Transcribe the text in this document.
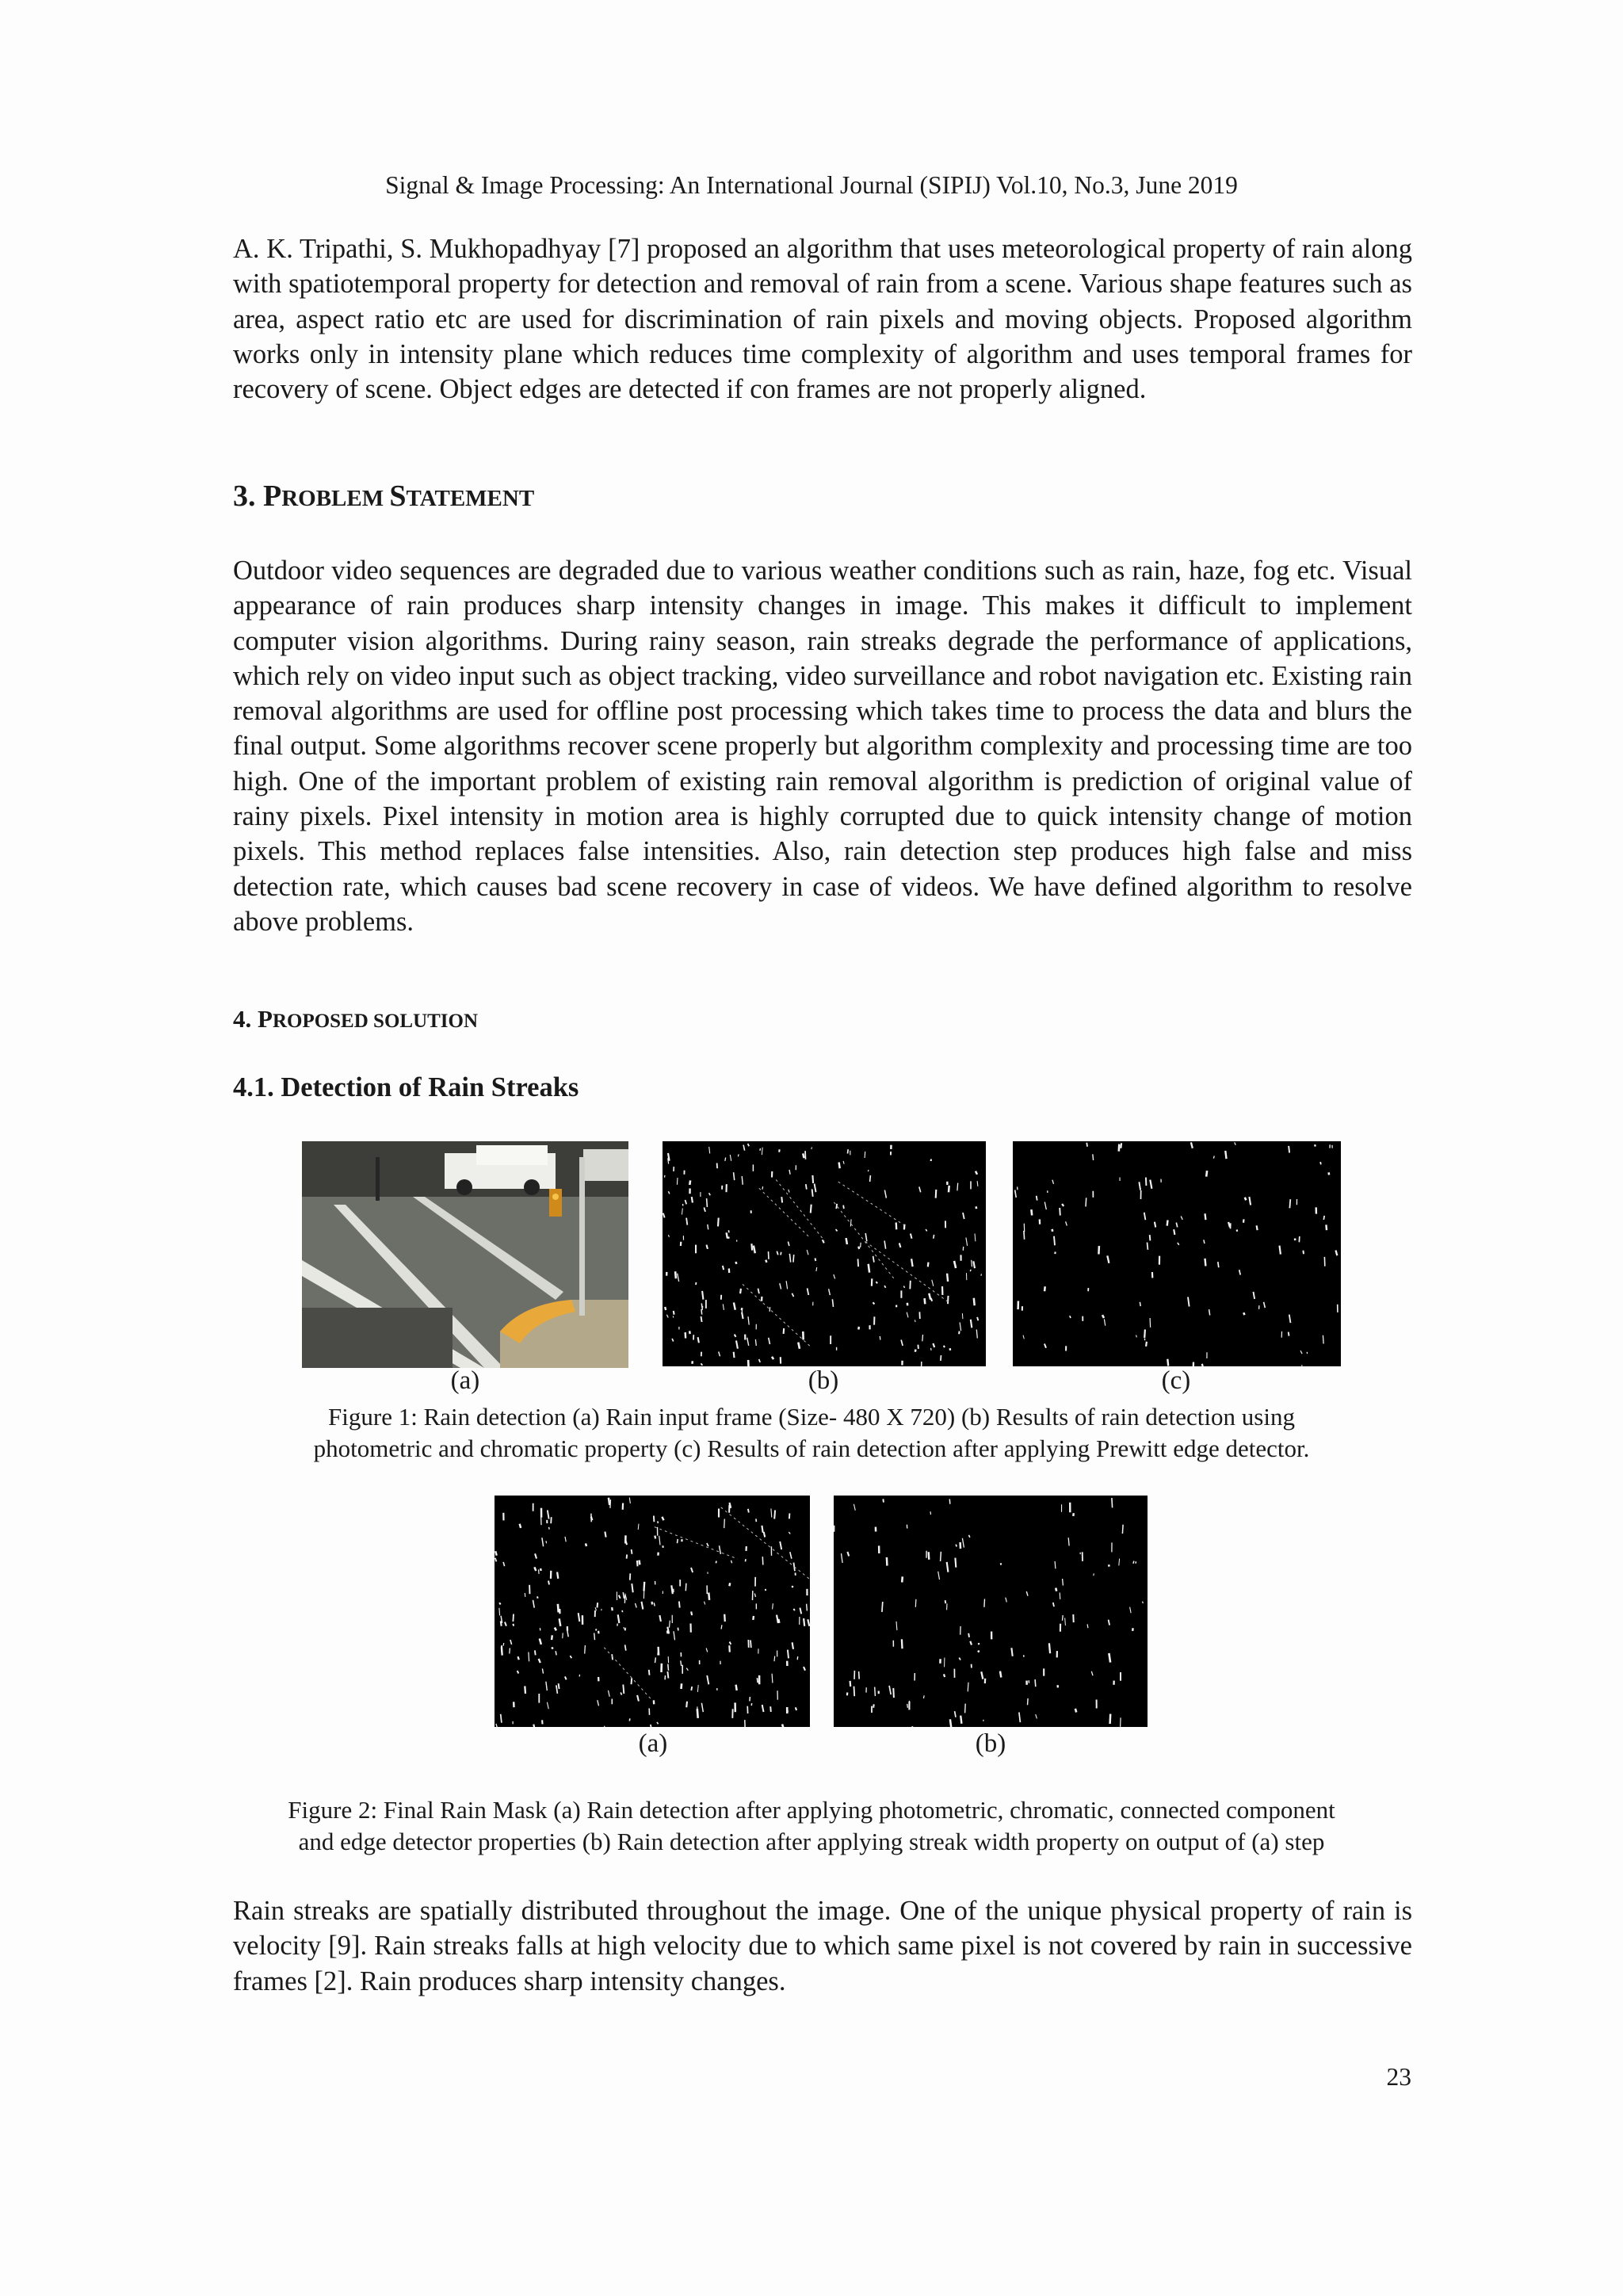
Signal & Image Processing: An International Journal (SIPIJ) Vol.10, No.3, June 2019

A. K. Tripathi, S. Mukhopadhyay [7] proposed an algorithm that uses meteorological property of rain along with spatiotemporal property for detection and removal of rain from a scene. Various shape features such as area, aspect ratio etc are used for discrimination of rain pixels and moving objects. Proposed algorithm works only in intensity plane which reduces time complexity of algorithm and uses temporal frames for recovery of scene. Object edges are detected if con frames are not properly aligned.

3. PROBLEM STATEMENT

Outdoor video sequences are degraded due to various weather conditions such as rain, haze, fog etc. Visual appearance of rain produces sharp intensity changes in image. This makes it difficult to implement computer vision algorithms. During rainy season, rain streaks degrade the performance of applications, which rely on video input such as object tracking, video surveillance and robot navigation etc. Existing rain removal algorithms are used for offline post processing which takes time to process the data and blurs the final output. Some algorithms recover scene properly but algorithm complexity and processing time are too high. One of the important problem of existing rain removal algorithm is prediction of original value of rainy pixels. Pixel intensity in motion area is highly corrupted due to quick intensity change of motion pixels. This method replaces false intensities. Also, rain detection step produces high false and miss detection rate, which causes bad scene recovery in case of videos. We have defined algorithm to resolve above problems.

4. PROPOSED SOLUTION
4.1. Detection of Rain Streaks
(a)	(b)	(c)
Figure 1: Rain detection (a) Rain input frame (Size- 480 X 720) (b) Results of rain detection using
photometric and chromatic property (c) Results of rain detection after applying Prewitt edge detector.
(a)	(b)
Figure 2: Final Rain Mask (a) Rain detection after applying photometric, chromatic, connected component
and edge detector properties (b) Rain detection after applying streak width property on output of (a) step

Rain streaks are spatially distributed throughout the image. One of the unique physical property of rain is velocity [9]. Rain streaks falls at high velocity due to which same pixel is not covered by rain in successive frames [2]. Rain produces sharp intensity changes.

23
